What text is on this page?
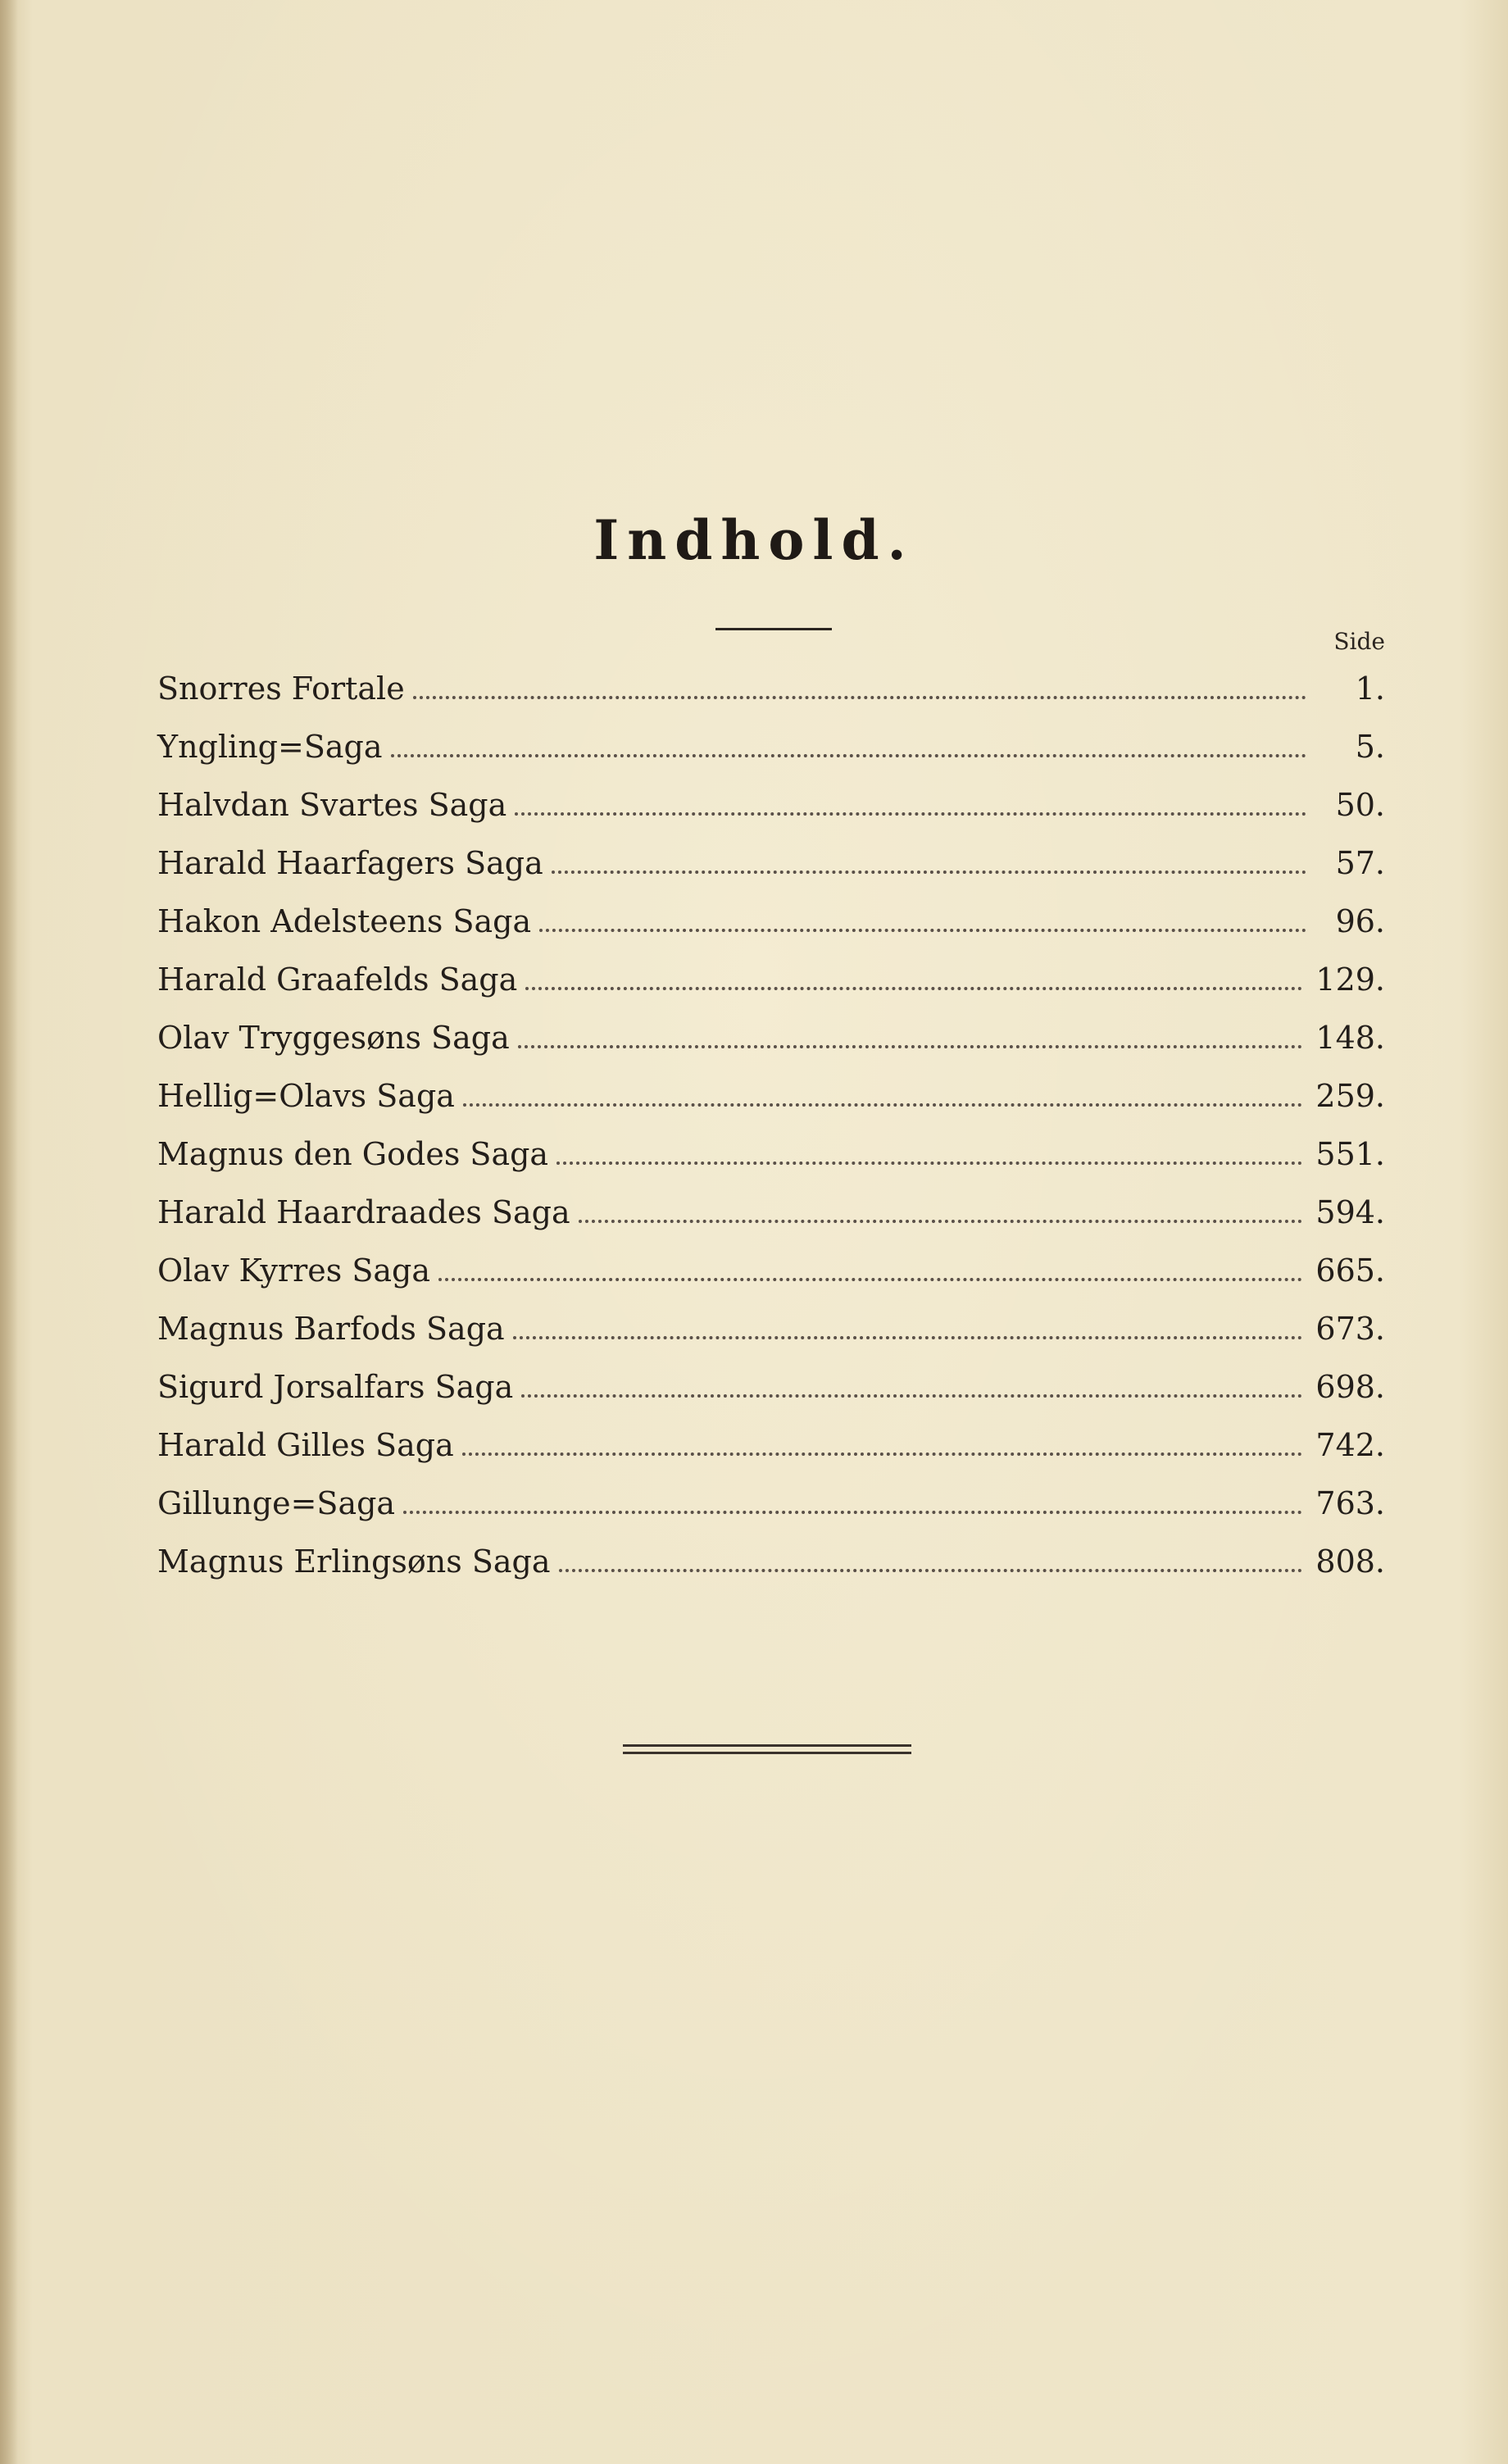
Indhold.
Side
Snorres Fortale	1.
Yngling=Saga	5.
Halvdan Svartes Saga	50.
Harald Haarfagers Saga	57.
Hakon Adelsteens Saga	96.
Harald Graafelds Saga	129.
Olav Tryggesøns Saga	148.
Hellig=Olavs Saga	259.
Magnus den Godes Saga	551.
Harald Haardraades Saga	594.
Olav Kyrres Saga	665.
Magnus Barfods Saga	673.
Sigurd Jorsalfars Saga	698.
Harald Gilles Saga	742.
Gillunge=Saga	763.
Magnus Erlingsøns Saga	808.
